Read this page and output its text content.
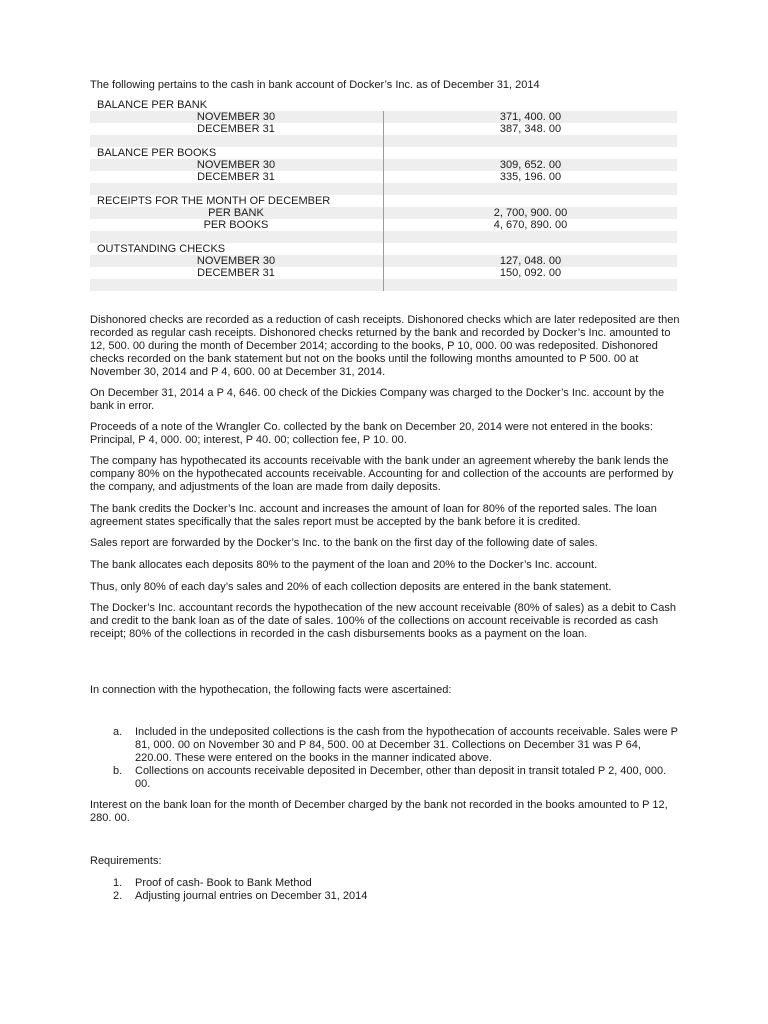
The following pertains to the cash in bank account of Docker’s Inc. as of December 31, 2014
BALANCE PER BANK
NOVEMBER 30	371, 400. 00
DECEMBER 31	387, 348. 00
BALANCE PER BOOKS
NOVEMBER 30	309, 652. 00
DECEMBER 31	335, 196. 00
RECEIPTS FOR THE MONTH OF DECEMBER
PER BANK	2, 700, 900. 00
PER BOOKS	4, 670, 890. 00
OUTSTANDING CHECKS
NOVEMBER 30	127, 048. 00
DECEMBER 31	150, 092. 00
Dishonored checks are recorded as a reduction of cash receipts. Dishonored checks which are later redeposited are then recorded as regular cash receipts. Dishonored checks returned by the bank and recorded by Docker’s Inc. amounted to 12, 500. 00 during the month of December 2014; according to the books, P 10, 000. 00 was redeposited. Dishonored checks recorded on the bank statement but not on the books until the following months amounted to P 500. 00 at November 30, 2014 and P 4, 600. 00 at December 31, 2014.
On December 31, 2014 a P 4, 646. 00 check of the Dickies Company was charged to the Docker’s Inc. account by the bank in error.
Proceeds of a note of the Wrangler Co. collected by the bank on December 20, 2014 were not entered in the books: Principal, P 4, 000. 00; interest, P 40. 00; collection fee, P 10. 00.
The company has hypothecated its accounts receivable with the bank under an agreement whereby the bank lends the company 80% on the hypothecated accounts receivable. Accounting for and collection of the accounts are performed by the company, and adjustments of the loan are made from daily deposits.
The bank credits the Docker’s Inc. account and increases the amount of loan for 80% of the reported sales. The loan agreement states specifically that the sales report must be accepted by the bank before it is credited.
Sales report are forwarded by the Docker’s Inc. to the bank on the first day of the following date of sales.
The bank allocates each deposits 80% to the payment of the loan and 20% to the Docker’s Inc. account.
Thus, only 80% of each day’s sales and 20% of each collection deposits are entered in the bank statement.
The Docker’s Inc. accountant records the hypothecation of the new account receivable (80% of sales) as a debit to Cash and credit to the bank loan as of the date of sales. 100% of the collections on account receivable is recorded as cash receipt; 80% of the collections in recorded in the cash disbursements books as a payment on the loan.
In connection with the hypothecation, the following facts were ascertained:
a. Included in the undeposited collections is the cash from the hypothecation of accounts receivable. Sales were P 81, 000. 00 on November 30 and P 84, 500. 00 at December 31. Collections on December 31 was P 64, 220.00. These were entered on the books in the manner indicated above.
b. Collections on accounts receivable deposited in December, other than deposit in transit totaled P 2, 400, 000. 00.
Interest on the bank loan for the month of December charged by the bank not recorded in the books amounted to P 12, 280. 00.
Requirements:
1. Proof of cash- Book to Bank Method
2. Adjusting journal entries on December 31, 2014
